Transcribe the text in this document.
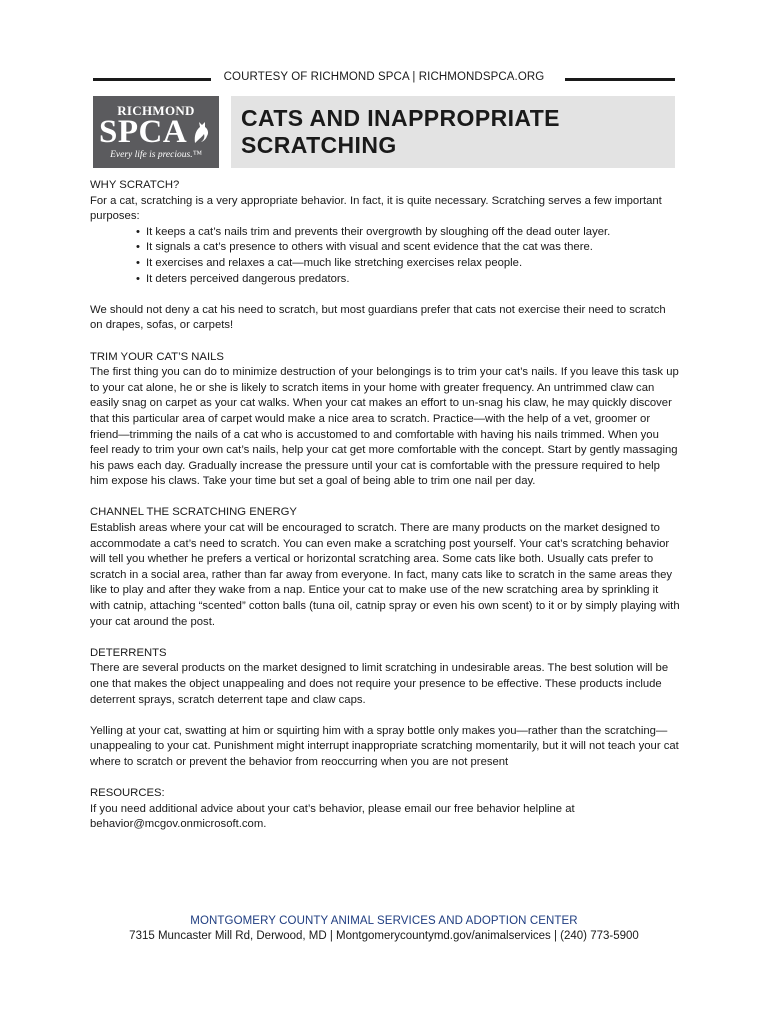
COURTESY OF RICHMOND SPCA | RICHMONDSPCA.ORG
RICHMOND
SPCA
Every life is precious.™
CATS AND INAPPROPRIATE
SCRATCHING

WHY SCRATCH?

For a cat, scratching is a very appropriate behavior. In fact, it is quite necessary. Scratching serves a few important purposes:

• It keeps a cat’s nails trim and prevents their overgrowth by sloughing off the dead outer layer.
• It signals a cat’s presence to others with visual and scent evidence that the cat was there.
• It exercises and relaxes a cat—much like stretching exercises relax people.
• It deters perceived dangerous predators.

We should not deny a cat his need to scratch, but most guardians prefer that cats not exercise their need to scratch on drapes, sofas, or carpets!

TRIM YOUR CAT’S NAILS

The first thing you can do to minimize destruction of your belongings is to trim your cat’s nails. If you leave this task up to your cat alone, he or she is likely to scratch items in your home with greater frequency. An untrimmed claw can easily snag on carpet as your cat walks. When your cat makes an effort to un-snag his claw, he may quickly discover that this particular area of carpet would make a nice area to scratch. Practice—with the help of a vet, groomer or friend—trimming the nails of a cat who is accustomed to and comfortable with having his nails trimmed. When you feel ready to trim your own cat’s nails, help your cat get more comfortable with the concept. Start by gently massaging his paws each day. Gradually increase the pressure until your cat is comfortable with the pressure required to help him expose his claws. Take your time but set a goal of being able to trim one nail per day.

CHANNEL THE SCRATCHING ENERGY

Establish areas where your cat will be encouraged to scratch. There are many products on the market designed to accommodate a cat’s need to scratch. You can even make a scratching post yourself. Your cat’s scratching behavior will tell you whether he prefers a vertical or horizontal scratching area. Some cats like both. Usually cats prefer to scratch in a social area, rather than far away from everyone. In fact, many cats like to scratch in the same areas they like to play and after they wake from a nap. Entice your cat to make use of the new scratching area by sprinkling it with catnip, attaching “scented” cotton balls (tuna oil, catnip spray or even his own scent) to it or by simply playing with your cat around the post.

DETERRENTS

There are several products on the market designed to limit scratching in undesirable areas. The best solution will be one that makes the object unappealing and does not require your presence to be effective. These products include deterrent sprays, scratch deterrent tape and claw caps.

Yelling at your cat, swatting at him or squirting him with a spray bottle only makes you—rather than the scratching—unappealing to your cat. Punishment might interrupt inappropriate scratching momentarily, but it will not teach your cat where to scratch or prevent the behavior from reoccurring when you are not present

RESOURCES:

If you need additional advice about your cat’s behavior, please email our free behavior helpline at behavior@mcgov.onmicrosoft.com.

MONTGOMERY COUNTY ANIMAL SERVICES AND ADOPTION CENTER
7315 Muncaster Mill Rd, Derwood, MD | Montgomerycountymd.gov/animalservices | (240) 773-5900
